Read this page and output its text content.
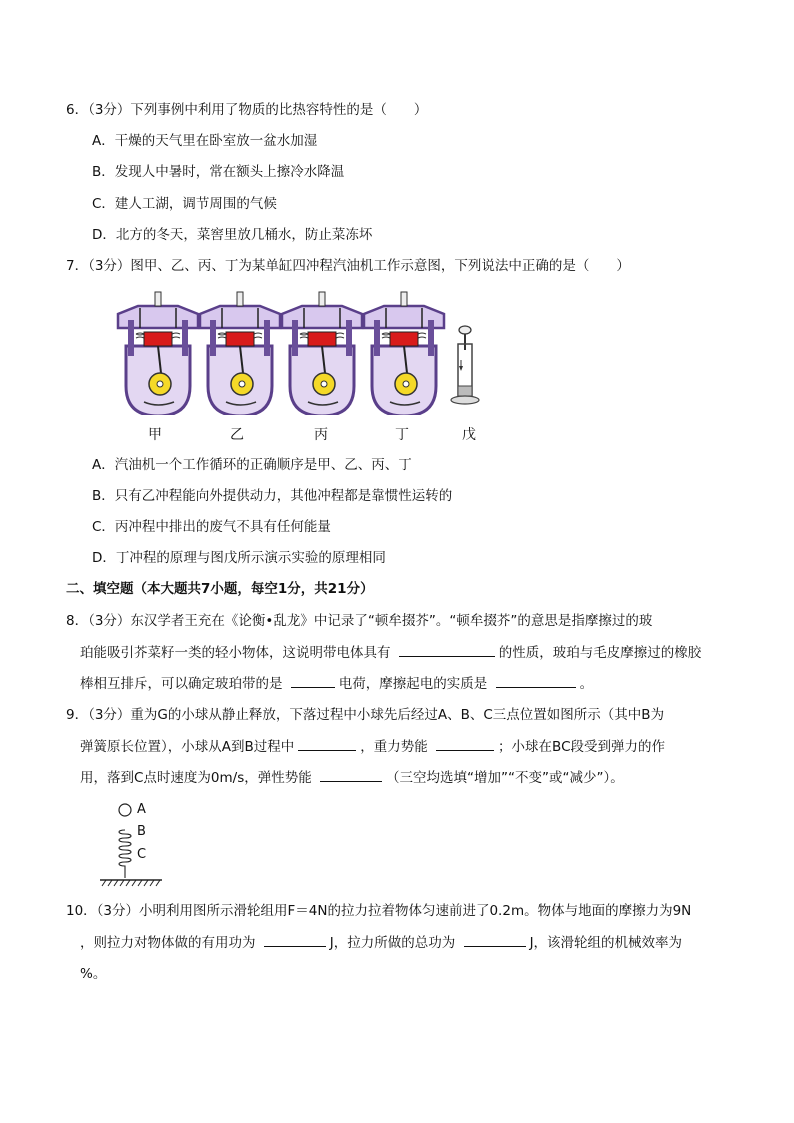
6．（3分）下列事例中利用了物质的比热容特性的是（　　）
A．干燥的天气里在卧室放一盆水加湿
B．发现人中暑时，常在额头上擦冷水降温
C．建人工湖，调节周围的气候
D．北方的冬天，菜窖里放几桶水，防止菜冻坏
7．（3分）图甲、乙、丙、丁为某单缸四冲程汽油机工作示意图，下列说法中正确的是（　　）
甲	乙	丙	丁	戊
A．汽油机一个工作循环的正确顺序是甲、乙、丙、丁
B．只有乙冲程能向外提供动力，其他冲程都是靠惯性运转的
C．丙冲程中排出的废气不具有任何能量
D．丁冲程的原理与图戊所示演示实验的原理相同
二、填空题（本大题共7小题，每空1分，共21分）
8．（3分）东汉学者王充在《论衡•乱龙》中记录了“顿牟掇芥”。“顿牟掇芥”的意思是指摩擦过的玻
珀能吸引芥菜籽一类的轻小物体，这说明带电体具有	的性质，玻珀与毛皮摩擦过的橡胶
棒相互排斥，可以确定玻珀带的是	电荷，摩擦起电的实质是	。
9．（3分）重为G的小球从静止释放，下落过程中小球先后经过A、B、C三点位置如图所示（其中B为
弹簧原长位置），小球从A到B过程中	，重力势能	；小球在BC段受到弹力的作
用，落到C点时速度为0m/s，弹性势能	（三空均选填“增加”“不变”或“减少”）。
A
B
C
10．（3分）小明利用图所示滑轮组用F＝4N的拉力拉着物体匀速前进了0.2m。物体与地面的摩擦力为9N
，则拉力对物体做的有用功为	J，拉力所做的总功为	J，该滑轮组的机械效率为
%。
